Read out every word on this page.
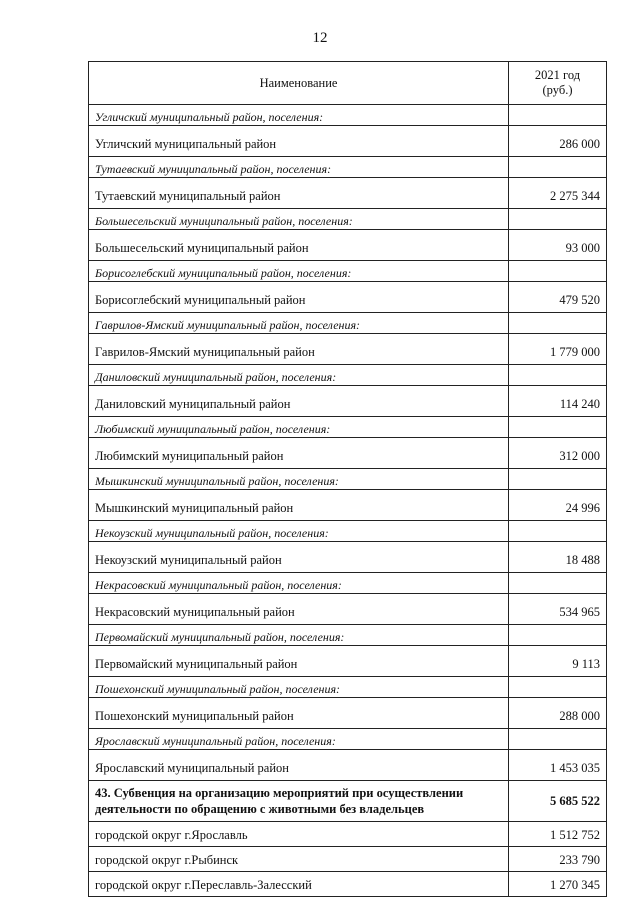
12
Наименование	2021 год
(руб.)
Угличский муниципальный район, поселения:	
Угличский муниципальный район	286 000
Тутаевский муниципальный район, поселения:	
Тутаевский муниципальный район	2 275 344
Большесельский муниципальный район, поселения:	
Большесельский муниципальный район	93 000
Борисоглебский муниципальный район, поселения:	
Борисоглебский муниципальный район	479 520
Гаврилов-Ямский муниципальный район, поселения:	
Гаврилов-Ямский муниципальный район	1 779 000
Даниловский муниципальный район, поселения:	
Даниловский муниципальный район	114 240
Любимский муниципальный район, поселения:	
Любимский муниципальный район	312 000
Мышкинский муниципальный район, поселения:	
Мышкинский муниципальный район	24 996
Некоузский муниципальный район, поселения:	
Некоузский муниципальный район	18 488
Некрасовский муниципальный район, поселения:	
Некрасовский муниципальный район	534 965
Первомайский муниципальный район, поселения:	
Первомайский муниципальный район	9 113
Пошехонский муниципальный район, поселения:	
Пошехонский муниципальный район	288 000
Ярославский муниципальный район, поселения:	
Ярославский муниципальный район	1 453 035
43. Субвенция на организацию мероприятий при осуществлении деятельности по обращению с животными без владельцев	5 685 522
городской округ г.Ярославль	1 512 752
городской округ г.Рыбинск	233 790
городской округ г.Переславль-Залесский	1 270 345
